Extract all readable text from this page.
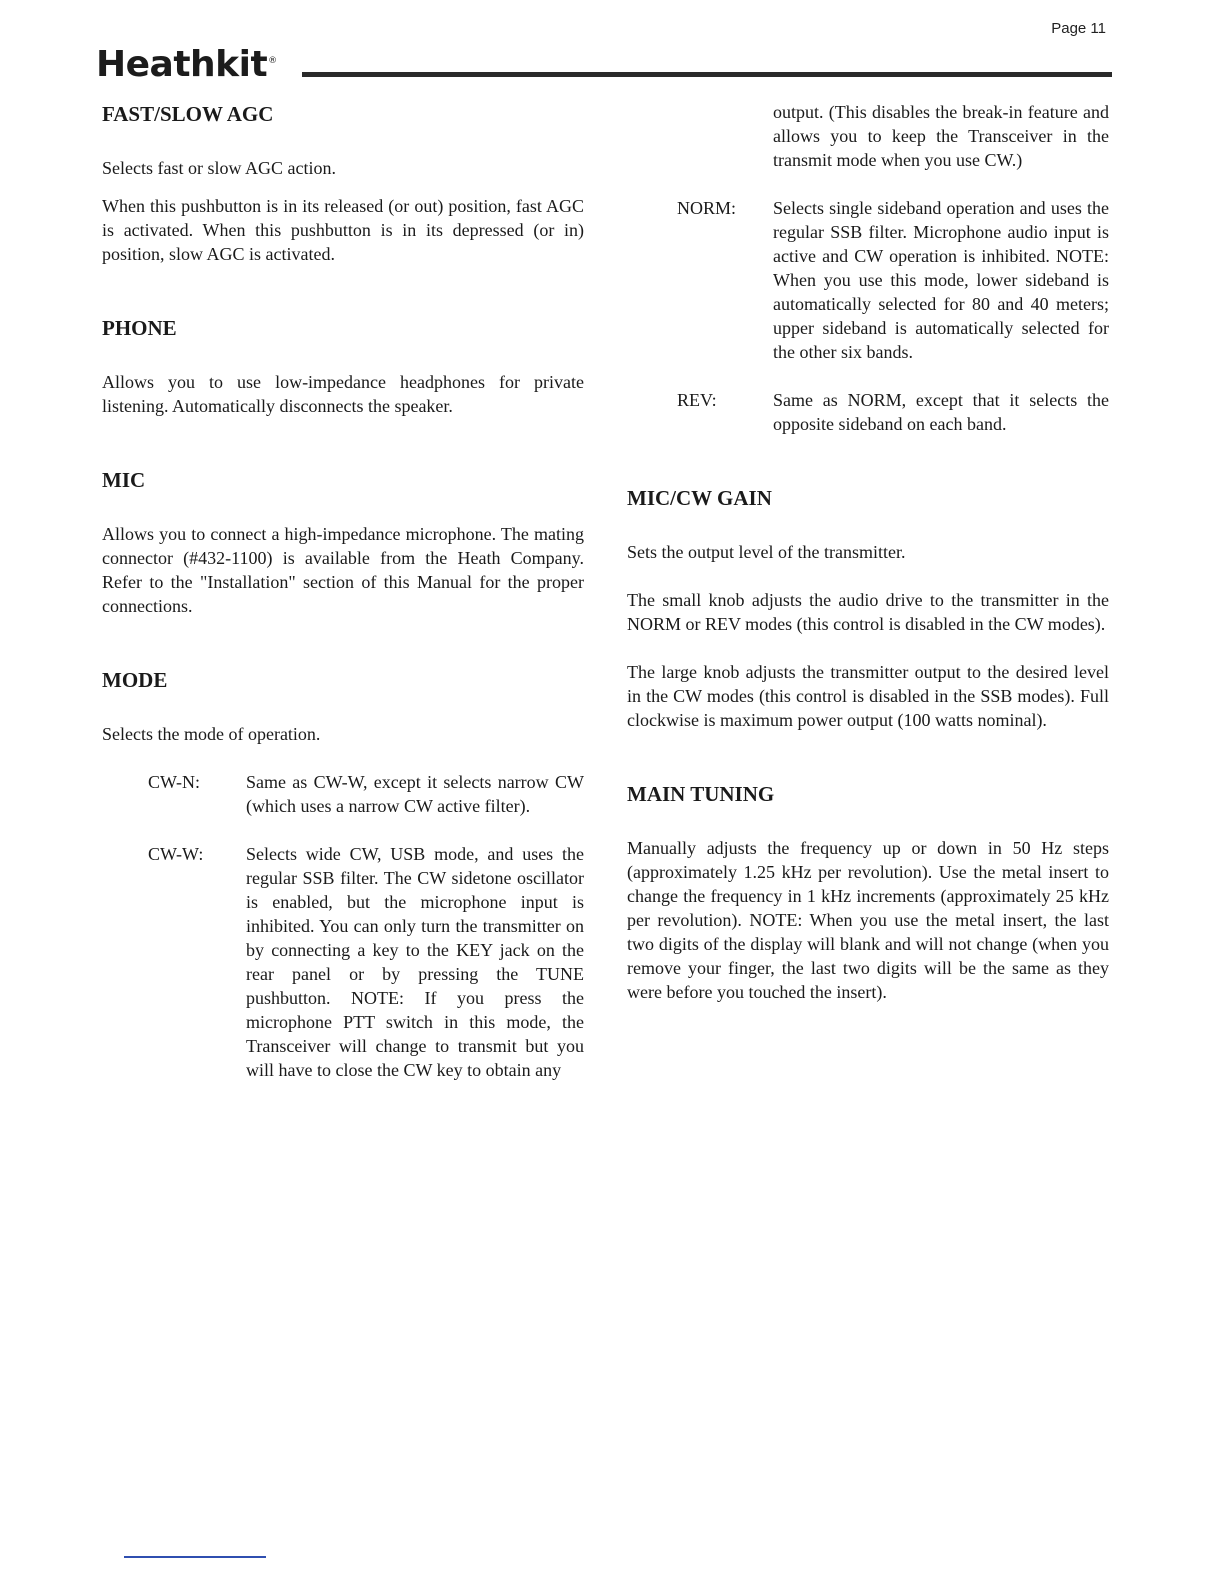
Page 11
Heathkit®
FAST/SLOW AGC

Selects fast or slow AGC action.

When this pushbutton is in its released (or out) position, fast AGC is activated. When this pushbutton is in its depressed (or in) position, slow AGC is activated.

PHONE

Allows you to use low-impedance headphones for private listening. Automatically disconnects the speaker.

MIC

Allows you to connect a high-impedance microphone. The mating connector (#432-1100) is available from the Heath Company. Refer to the "Installation" section of this Manual for the proper connections.

MODE

Selects the mode of operation.

CW-N:	Same as CW-W, except it selects narrow CW (which uses a narrow CW active filter).
CW-W:	Selects wide CW, USB mode, and uses the regular SSB filter. The CW sidetone oscillator is enabled, but the microphone input is inhibited. You can only turn the transmitter on by connecting a key to the KEY jack on the rear panel or by pressing the TUNE pushbutton. NOTE: If you press the microphone PTT switch in this mode, the Transceiver will change to transmit but you will have to close the CW key to obtain any
output. (This disables the break-in feature and allows you to keep the Transceiver in the transmit mode when you use CW.)
NORM:	Selects single sideband operation and uses the regular SSB filter. Microphone audio input is active and CW operation is inhibited. NOTE: When you use this mode, lower sideband is automatically selected for 80 and 40 meters; upper sideband is automatically selected for the other six bands.
REV:	Same as NORM, except that it selects the opposite sideband on each band.
MIC/CW GAIN

Sets the output level of the transmitter.

The small knob adjusts the audio drive to the transmitter in the NORM or REV modes (this control is disabled in the CW modes).

The large knob adjusts the transmitter output to the desired level in the CW modes (this control is disabled in the SSB modes). Full clockwise is maximum power output (100 watts nominal).

MAIN TUNING

Manually adjusts the frequency up or down in 50 Hz steps (approximately 1.25 kHz per revolution). Use the metal insert to change the frequency in 1 kHz increments (approximately 25 kHz per revolution). NOTE: When you use the metal insert, the last two digits of the display will blank and will not change (when you remove your finger, the last two digits will be the same as they were before you touched the insert).
